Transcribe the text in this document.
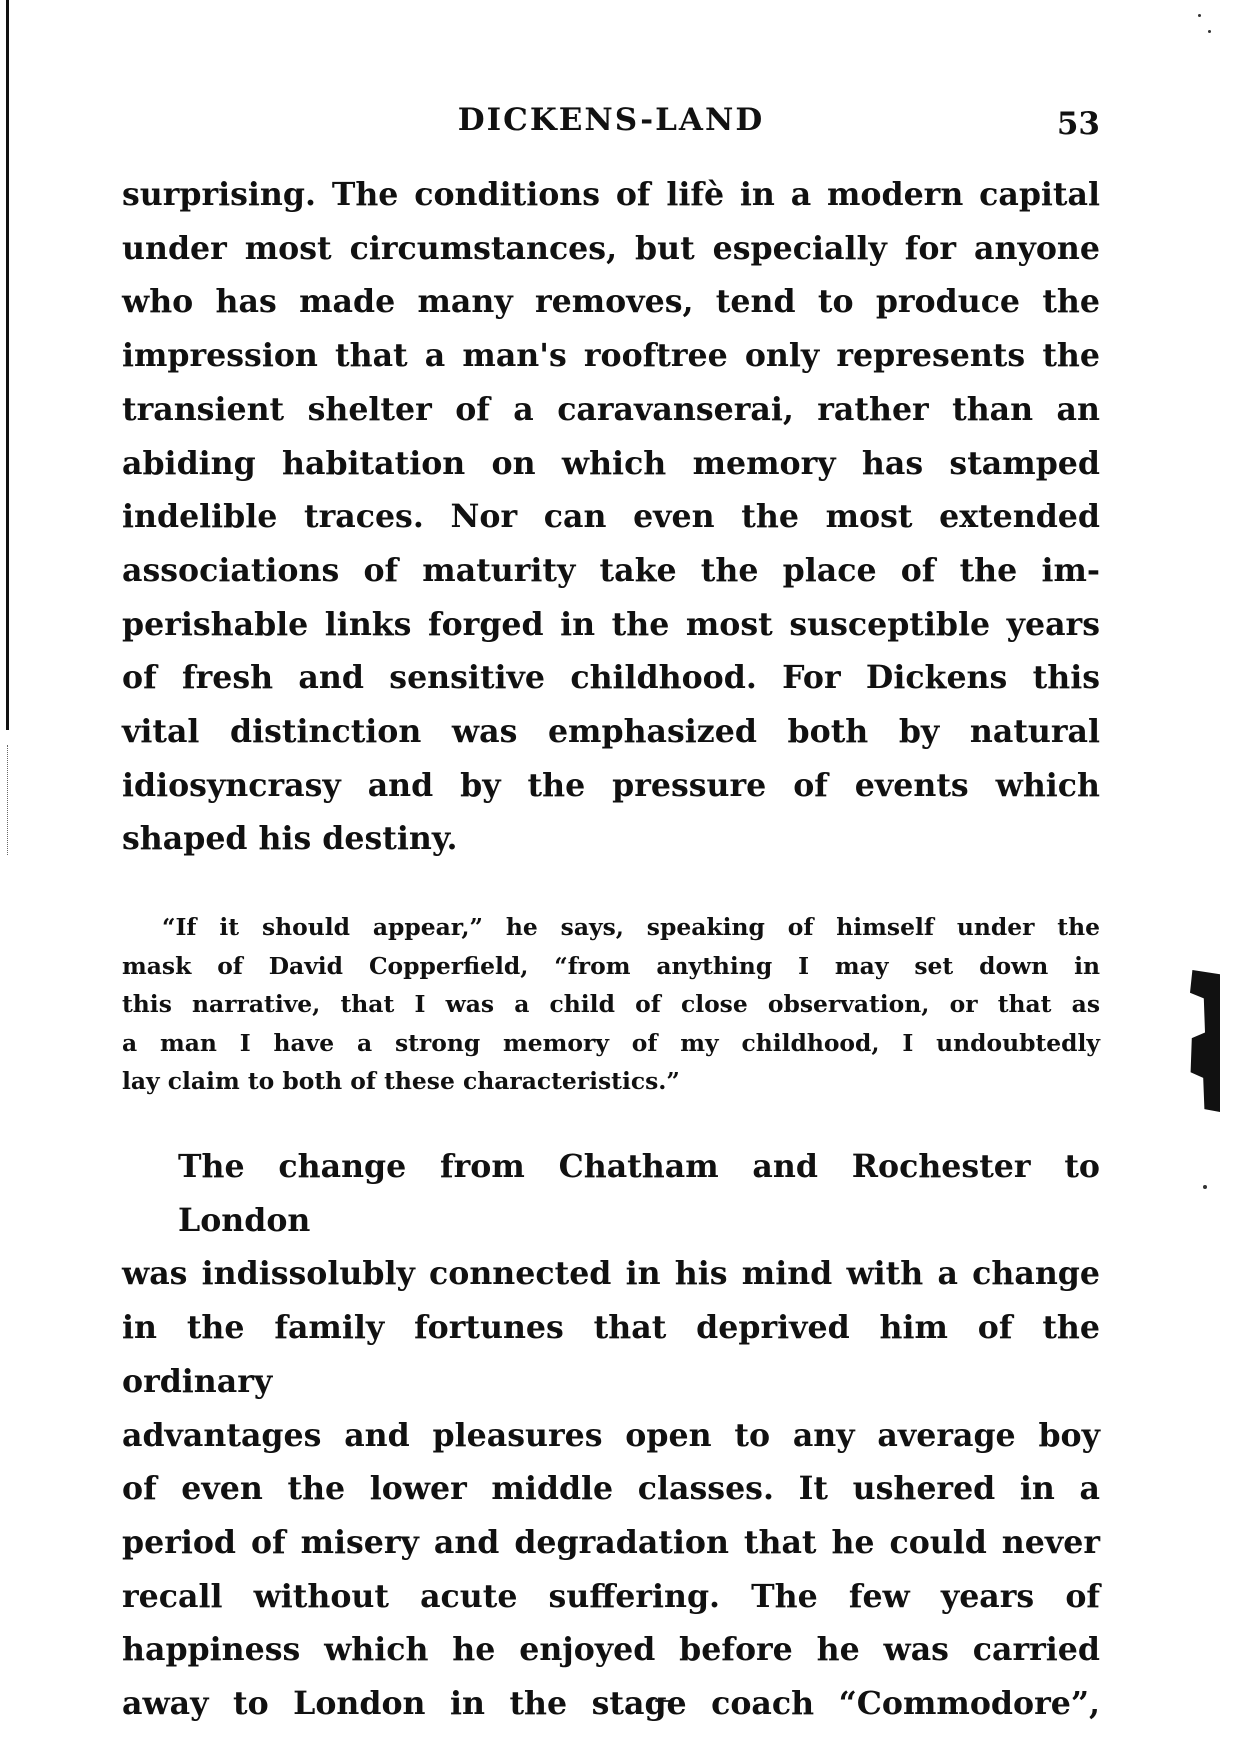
DICKENS-LAND	53

surprising. The conditions of lifè in a modern capital
under most circumstances, but especially for anyone
who has made many removes, tend to produce the
impression that a man's rooftree only represents the
transient shelter of a caravanserai, rather than an
abiding habitation on which memory has stamped
indelible traces. Nor can even the most extended
associations of maturity take the place of the im-
perishable links forged in the most susceptible years
of fresh and sensitive childhood. For Dickens this
vital distinction was emphasized both by natural
idiosyncrasy and by the pressure of events which
shaped his destiny.

“If it should appear,” he says, speaking of himself under the
mask of David Copperfield, “from anything I may set down in
this narrative, that I was a child of close observation, or that as
a man I have a strong memory of my childhood, I undoubtedly
lay claim to both of these characteristics.”

The change from Chatham and Rochester to London
was indissolubly connected in his mind with a change
in the family fortunes that deprived him of the ordinary
advantages and pleasures open to any average boy
of even the lower middle classes. It ushered in a
period of misery and degradation that he could never
recall without acute suffering. The few years of
happiness which he enjoyed before he was carried
away to London in the stage coach “Commodore”,
